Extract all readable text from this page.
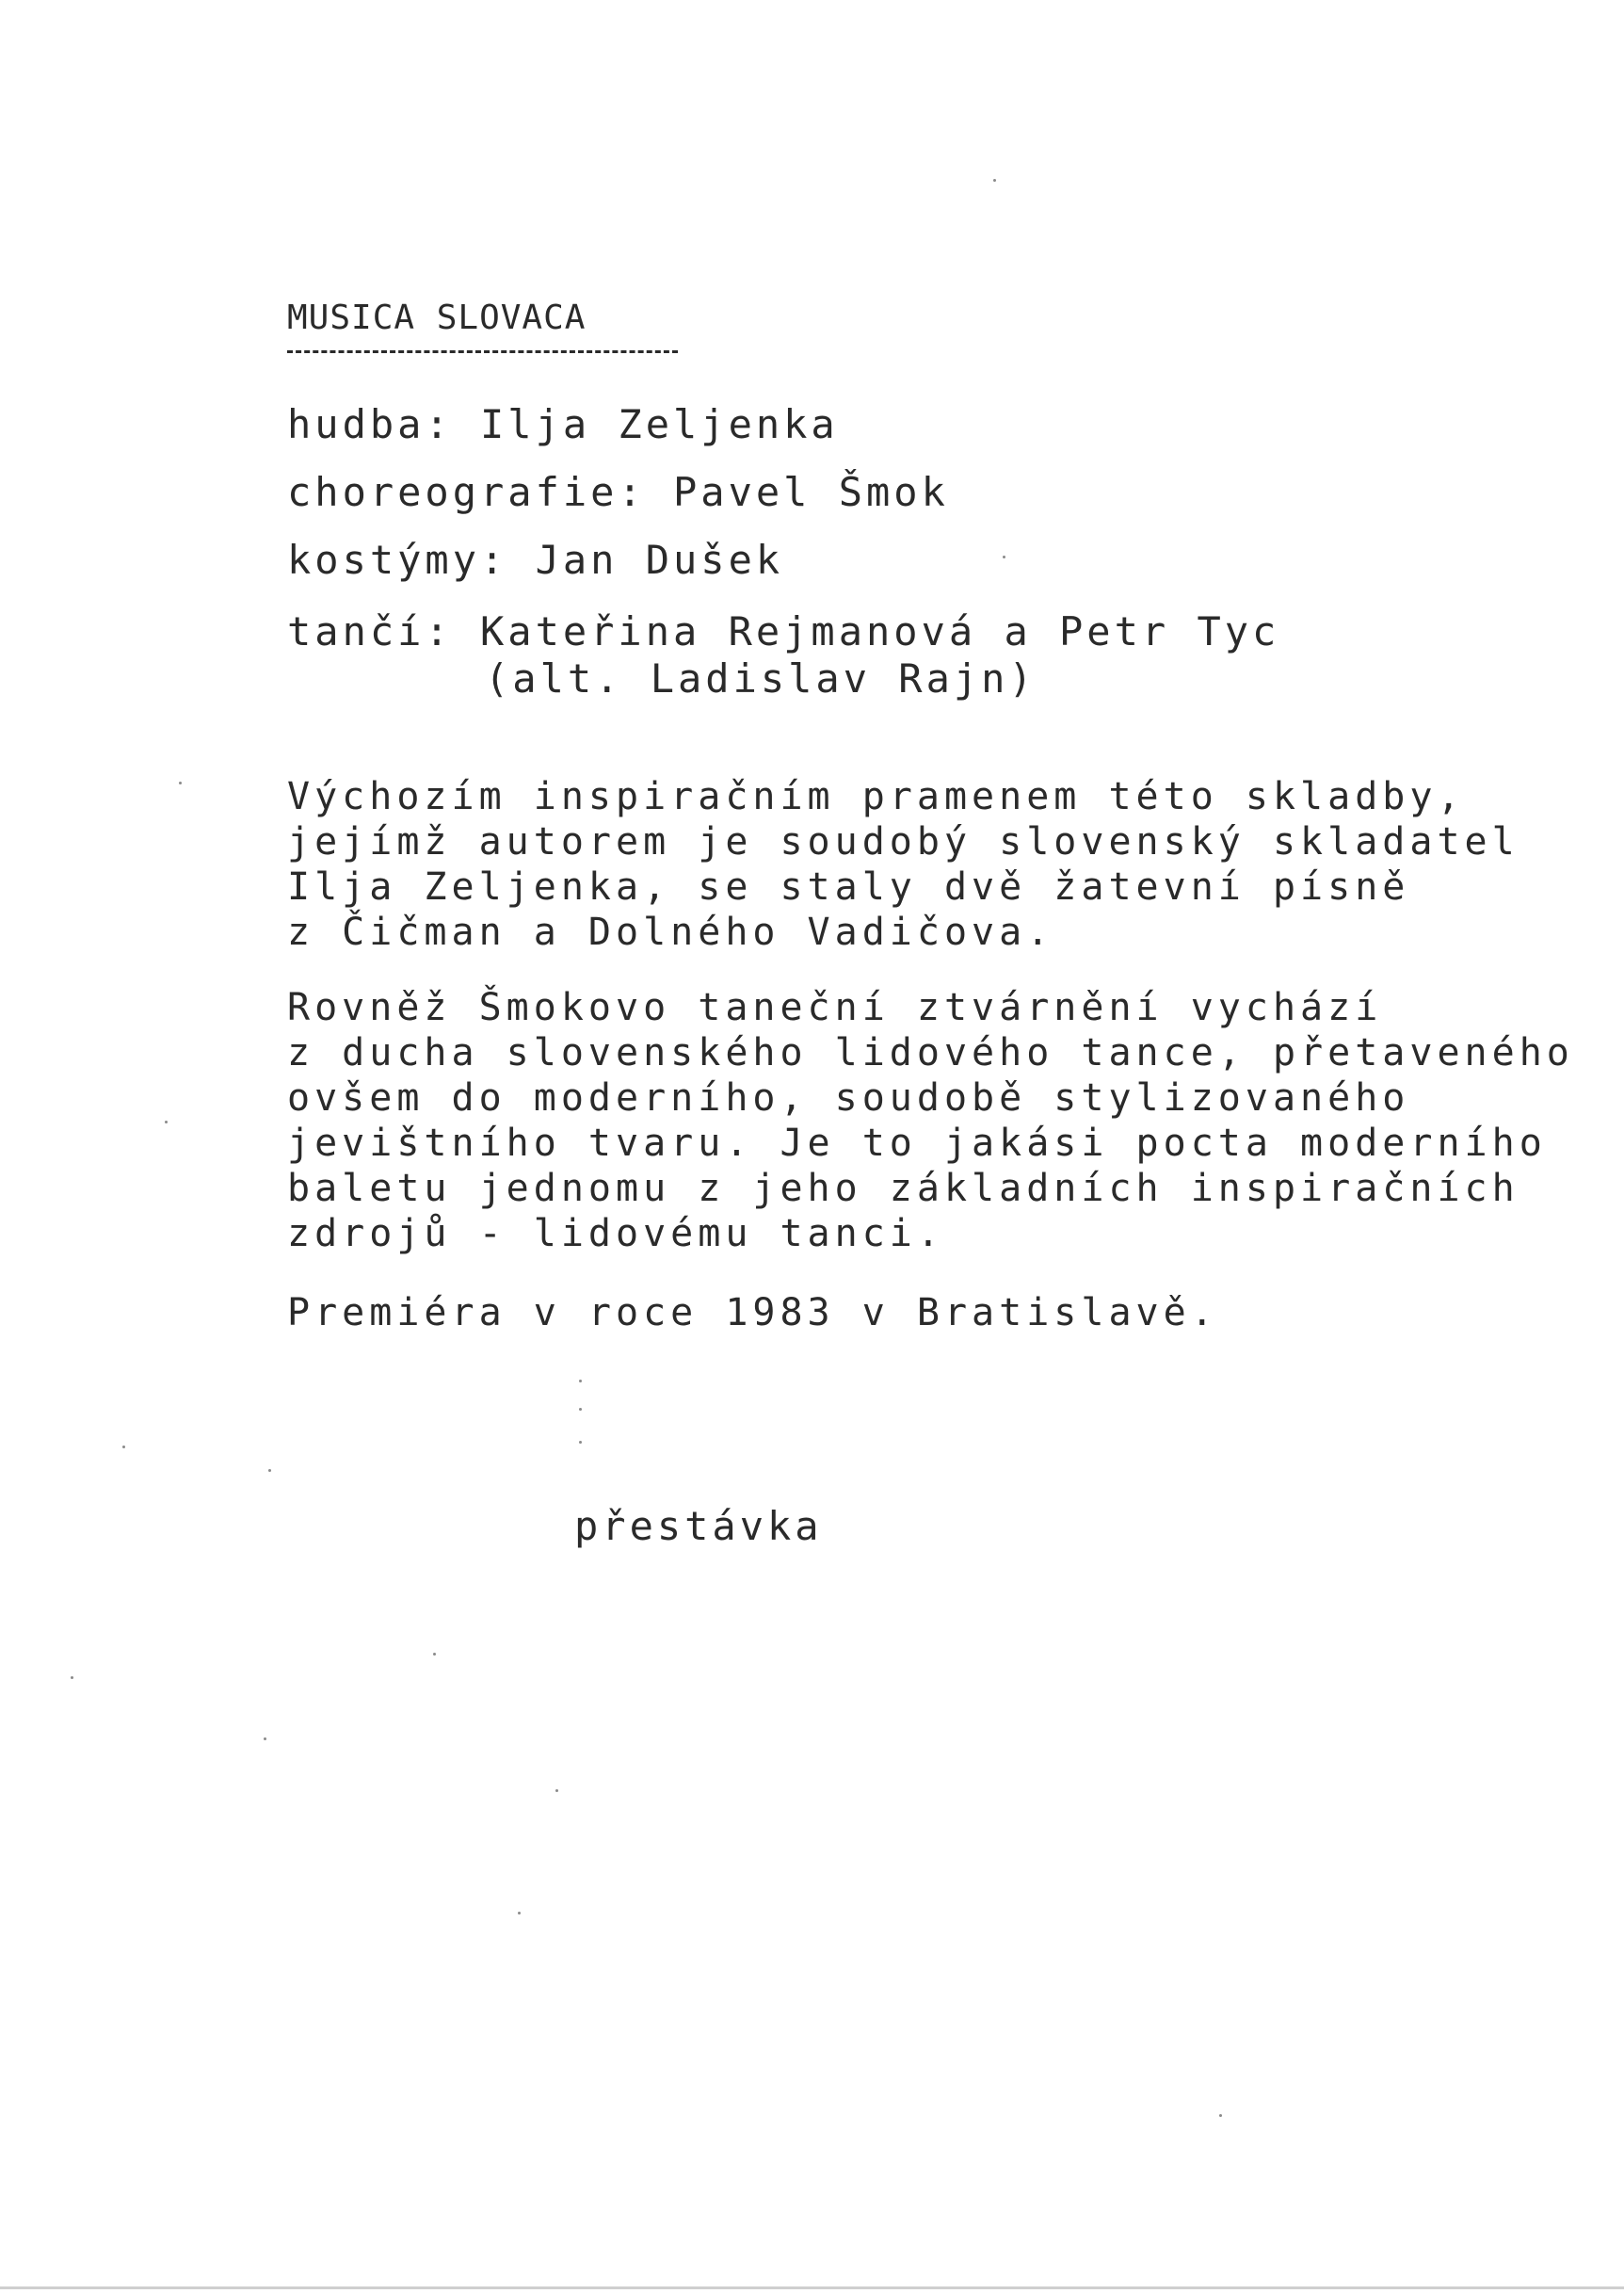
MUSICA SLOVACA
hudba: Ilja Zeljenka
choreografie: Pavel Šmok
kostýmy: Jan Dušek
tančí: Kateřina Rejmanová a Petr Tyc
(alt. Ladislav Rajn)
Výchozím inspiračním pramenem této skladby,
jejímž autorem je soudobý slovenský skladatel
Ilja Zeljenka, se staly dvě žatevní písně
z Čičman a Dolného Vadičova.
Rovněž Šmokovo taneční ztvárnění vychází
z ducha slovenského lidového tance, přetaveného
ovšem do moderního, soudobě stylizovaného
jevištního tvaru. Je to jakási pocta moderního
baletu jednomu z jeho základních inspiračních
zdrojů - lidovému tanci.
Premiéra v roce 1983 v Bratislavě.
přestávka
